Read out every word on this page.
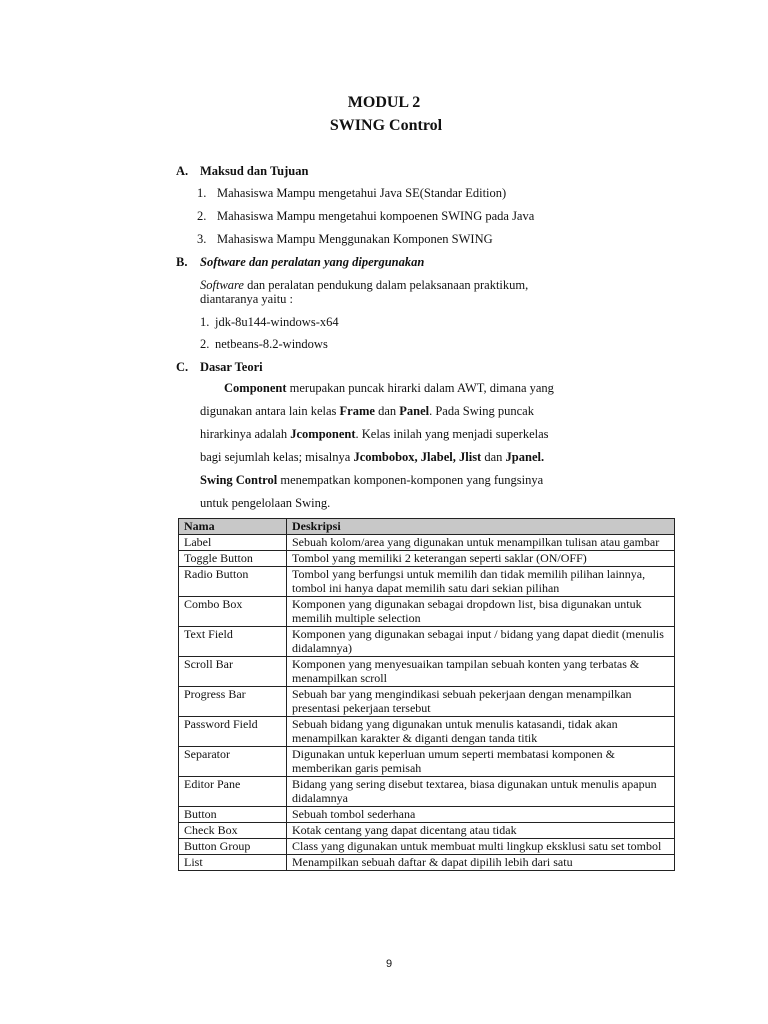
MODUL 2
SWING Control
A. Maksud dan Tujuan
1. Mahasiswa Mampu mengetahui Java SE(Standar Edition)
2. Mahasiswa Mampu mengetahui kompoenen SWING pada Java
3. Mahasiswa Mampu Menggunakan Komponen SWING
B. Software dan peralatan yang dipergunakan
Software dan peralatan pendukung dalam pelaksanaan praktikum, diantaranya yaitu :
1. jdk-8u144-windows-x64
2. netbeans-8.2-windows
C. Dasar Teori
Component merupakan puncak hirarki dalam AWT, dimana yang
digunakan antara lain kelas Frame dan Panel. Pada Swing puncak
hirarkinya adalah Jcomponent. Kelas inilah yang menjadi superkelas
bagi sejumlah kelas; misalnya Jcombobox, Jlabel, Jlist dan Jpanel.
Swing Control menempatkan komponen-komponen yang fungsinya
untuk pengelolaan Swing.
Nama	Deskripsi
Label	Sebuah kolom/area yang digunakan untuk menampilkan tulisan atau gambar
Toggle Button	Tombol yang memiliki 2 keterangan seperti saklar (ON/OFF)
Radio Button	Tombol yang berfungsi untuk memilih dan tidak memilih pilihan lainnya, tombol ini hanya dapat memilih satu dari sekian pilihan
Combo Box	Komponen yang digunakan sebagai dropdown list, bisa digunakan untuk memilih multiple selection
Text Field	Komponen yang digunakan sebagai input / bidang yang dapat diedit (menulis didalamnya)
Scroll Bar	Komponen yang menyesuaikan tampilan sebuah konten yang terbatas & menampilkan scroll
Progress Bar	Sebuah bar yang mengindikasi sebuah pekerjaan dengan menampilkan presentasi pekerjaan tersebut
Password Field	Sebuah bidang yang digunakan untuk menulis katasandi, tidak akan menampilkan karakter & diganti dengan tanda titik
Separator	Digunakan untuk keperluan umum seperti membatasi komponen & memberikan garis pemisah
Editor Pane	Bidang yang sering disebut textarea, biasa digunakan untuk menulis apapun didalamnya
Button	Sebuah tombol sederhana
Check Box	Kotak centang yang dapat dicentang atau tidak
Button Group	Class yang digunakan untuk membuat multi lingkup eksklusi satu set tombol
List	Menampilkan sebuah daftar & dapat dipilih lebih dari satu
9
